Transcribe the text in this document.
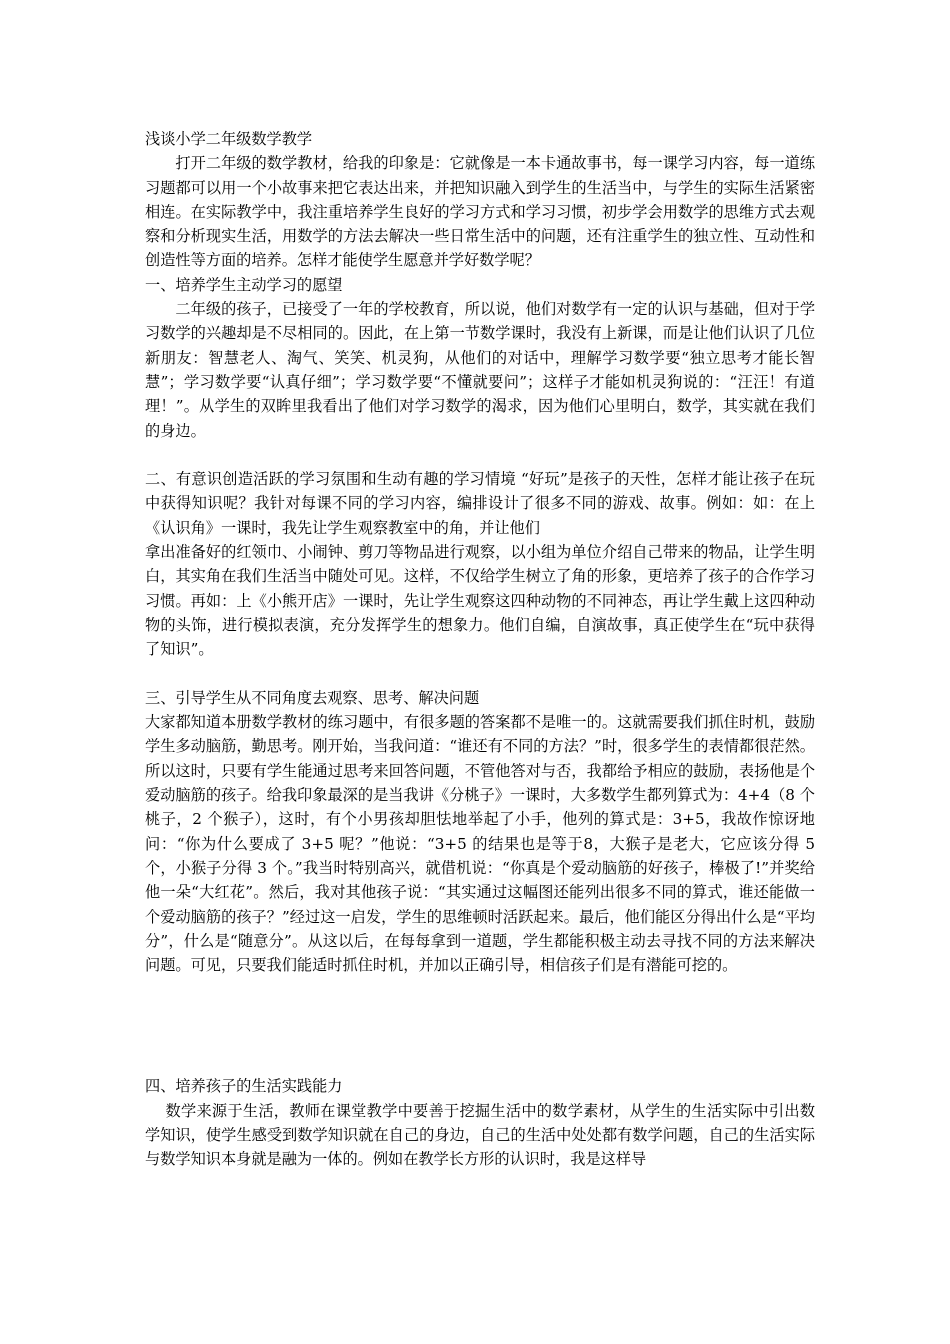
浅谈小学二年级数学教学

打开二年级的数学教材，给我的印象是：它就像是一本卡通故事书，每一课学习内容，每一道练习题都可以用一个小故事来把它表达出来，并把知识融入到学生的生活当中，与学生的实际生活紧密相连。在实际教学中，我注重培养学生良好的学习方式和学习习惯，初步学会用数学的思维方式去观察和分析现实生活，用数学的方法去解决一些日常生活中的问题，还有注重学生的独立性、互动性和创造性等方面的培养。怎样才能使学生愿意并学好数学呢？

一、培养学生主动学习的愿望

二年级的孩子，已接受了一年的学校教育，所以说，他们对数学有一定的认识与基础，但对于学习数学的兴趣却是不尽相同的。因此，在上第一节数学课时，我没有上新课，而是让他们认识了几位新朋友：智慧老人、淘气、笑笑、机灵狗，从他们的对话中，理解学习数学要“独立思考才能长智慧”；学习数学要“认真仔细”；学习数学要“不懂就要问”；这样子才能如机灵狗说的：“汪汪！有道理！”。从学生的双眸里我看出了他们对学习数学的渴求，因为他们心里明白，数学，其实就在我们的身边。

二、有意识创造活跃的学习氛围和生动有趣的学习情境 “好玩”是孩子的天性，怎样才能让孩子在玩中获得知识呢？我针对每课不同的学习内容，编排设计了很多不同的游戏、故事。例如：如：在上《认识角》一课时，我先让学生观察教室中的角，并让他们

拿出准备好的红领巾、小闹钟、剪刀等物品进行观察，以小组为单位介绍自己带来的物品，让学生明白，其实角在我们生活当中随处可见。这样，不仅给学生树立了角的形象，更培养了孩子的合作学习习惯。再如：上《小熊开店》一课时，先让学生观察这四种动物的不同神态，再让学生戴上这四种动物的头饰，进行模拟表演，充分发挥学生的想象力。他们自编，自演故事，真正使学生在“玩中获得了知识”。

三、引导学生从不同角度去观察、思考、解决问题

大家都知道本册数学教材的练习题中，有很多题的答案都不是唯一的。这就需要我们抓住时机，鼓励学生多动脑筋，勤思考。刚开始，当我问道：“谁还有不同的方法？”时，很多学生的表情都很茫然。所以这时，只要有学生能通过思考来回答问题，不管他答对与否，我都给予相应的鼓励，表扬他是个爱动脑筋的孩子。给我印象最深的是当我讲《分桃子》一课时，大多数学生都列算式为：4+4（8 个桃子，2 个猴子），这时，有个小男孩却胆怯地举起了小手，他列的算式是：3+5，我故作惊讶地问：“你为什么要成了 3+5 呢？”他说：“3+5 的结果也是等于8，大猴子是老大，它应该分得 5 个，小猴子分得 3 个。”我当时特别高兴，就借机说：“你真是个爱动脑筋的好孩子，棒极了!”并奖给他一朵“大红花”。然后，我对其他孩子说：“其实通过这幅图还能列出很多不同的算式，谁还能做一个爱动脑筋的孩子？”经过这一启发，学生的思维顿时活跃起来。最后，他们能区分得出什么是“平均分”，什么是“随意分”。从这以后，在每每拿到一道题，学生都能积极主动去寻找不同的方法来解决问题。可见，只要我们能适时抓住时机，并加以正确引导，相信孩子们是有潜能可挖的。

四、培养孩子的生活实践能力

数学来源于生活，教师在课堂教学中要善于挖掘生活中的数学素材，从学生的生活实际中引出数学知识，使学生感受到数学知识就在自己的身边，自己的生活中处处都有数学问题，自己的生活实际与数学知识本身就是融为一体的。例如在教学长方形的认识时，我是这样导
